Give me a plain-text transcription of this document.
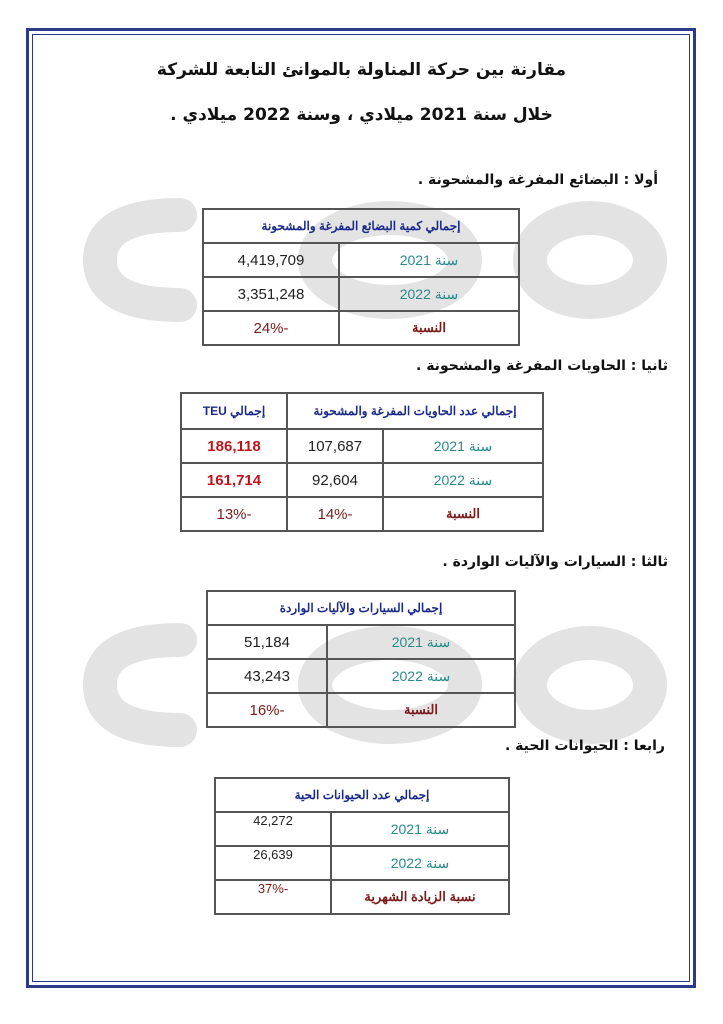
مقارنة بين حركة المناولة بالموانئ التابعة للشركة
خلال سنة 2021 ميلادي ، وسنة 2022 ميلادي .
أولا : البضائع المفرغة والمشحونة .
إجمالي كمية البضائع المفرغة والمشحونة	
سنة 2021	4,419,709
سنة 2022	3,351,248
النسبة	-24%
ثانيا : الحاويات المفرغة والمشحونة .
إجمالي عدد الحاويات المفرغة والمشحونة		إجمالي TEU
سنة 2021	107,687	186,118
سنة 2022	92,604	161,714
النسبة	-14%	-13%
ثالثا : السيارات والآليات الواردة .
إجمالي السيارات والآليات الواردة	
سنة 2021	51,184
سنة 2022	43,243
النسبة	-16%
رابعا : الحيوانات الحية .
إجمالي عدد الحيوانات الحية	
سنة 2021	42,272
سنة 2022	26,639
نسبة الزيادة الشهرية	-37%
